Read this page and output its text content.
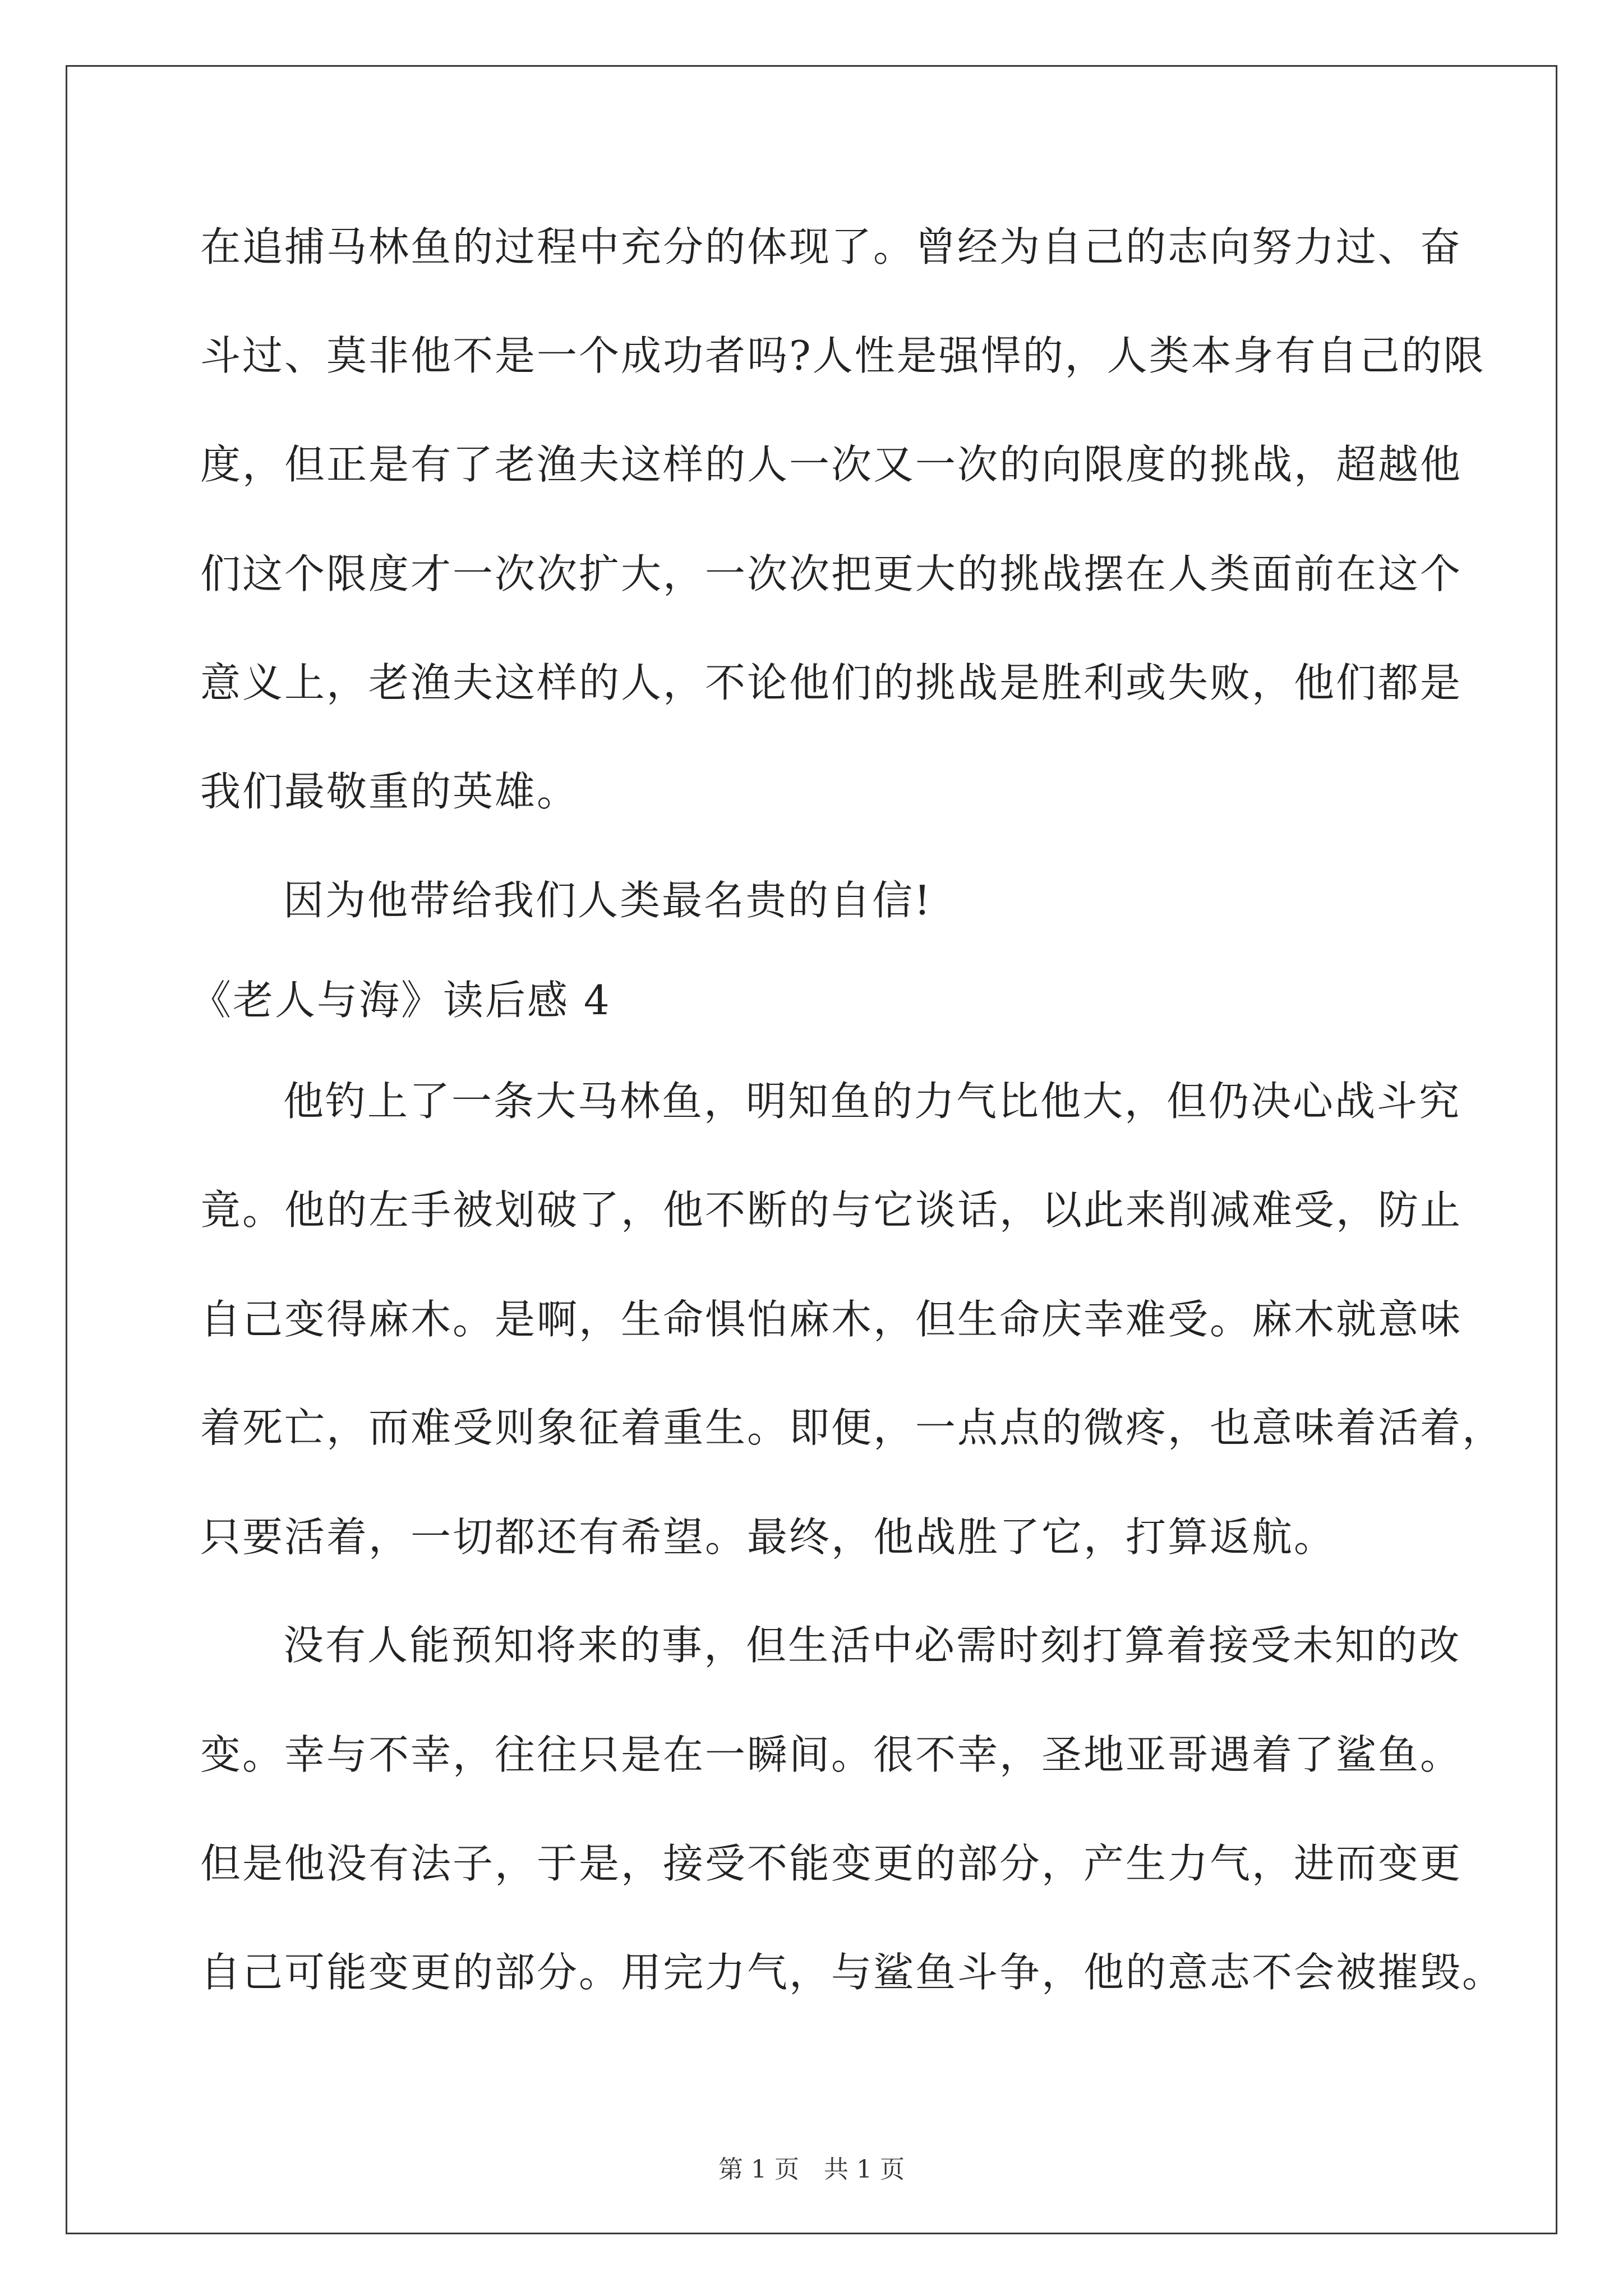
在追捕马林鱼的过程中充分的体现了。曾经为自己的志向努力过、奋
斗过、莫非他不是一个成功者吗?人性是强悍的，人类本身有自己的限
度，但正是有了老渔夫这样的人一次又一次的向限度的挑战，超越他
们这个限度才一次次扩大，一次次把更大的挑战摆在人类面前在这个
意义上，老渔夫这样的人，不论他们的挑战是胜利或失败，他们都是
我们最敬重的英雄。
因为他带给我们人类最名贵的自信!
《老人与海》读后感 4
他钓上了一条大马林鱼，明知鱼的力气比他大，但仍决心战斗究
竟。他的左手被划破了，他不断的与它谈话，以此来削减难受，防止
自己变得麻木。是啊，生命惧怕麻木，但生命庆幸难受。麻木就意味
着死亡，而难受则象征着重生。即便，一点点的微疼，也意味着活着，
只要活着，一切都还有希望。最终，他战胜了它，打算返航。
没有人能预知将来的事，但生活中必需时刻打算着接受未知的改
变。幸与不幸，往往只是在一瞬间。很不幸，圣地亚哥遇着了鲨鱼。
但是他没有法子，于是，接受不能变更的部分，产生力气，进而变更
自己可能变更的部分。用完力气，与鲨鱼斗争，他的意志不会被摧毁。
第 1 页　共 1 页
